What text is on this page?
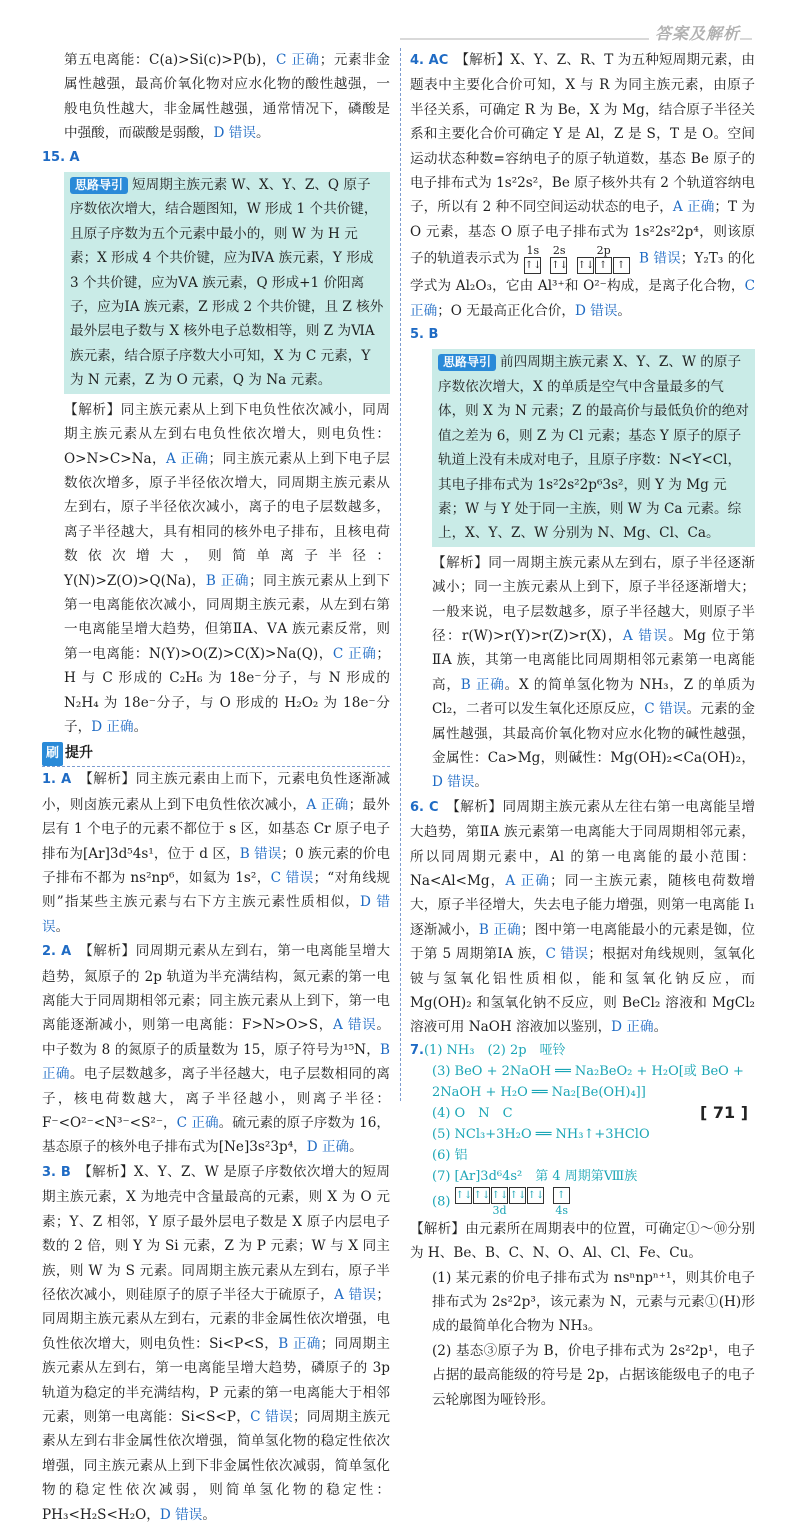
答案及解析

第五电离能：C(a)>Si(c)>P(b)，C 正确；元素非金属性越强，最高价氧化物对应水化物的酸性越强，一般电负性越大，非金属性越强，通常情况下，磷酸是中强酸，而碳酸是弱酸，D 错误。

15. A
思路导引 短周期主族元素 W、X、Y、Z、Q 原子序数依次增大，结合题图知，W 形成 1 个共价键，且原子序数为五个元素中最小的，则 W 为 H 元素；X 形成 4 个共价键，应为ⅣA 族元素，Y 形成 3 个共价键，应为ⅤA 族元素，Q 形成+1 价阳离子，应为ⅠA 族元素，Z 形成 2 个共价键，且 Z 核外最外层电子数与 X 核外电子总数相等，则 Z 为ⅥA 族元素，结合原子序数大小可知，X 为 C 元素，Y 为 N 元素，Z 为 O 元素，Q 为 Na 元素。

【解析】同主族元素从上到下电负性依次减小，同周期主族元素从左到右电负性依次增大，则电负性：O>N>C>Na，A 正确；同主族元素从上到下电子层数依次增多，原子半径依次增大，同周期主族元素从左到右，原子半径依次减小，离子的电子层数越多，离子半径越大，具有相同的核外电子排布，且核电荷数依次增大，则简单离子半径：Y(N)>Z(O)>Q(Na)，B 正确；同主族元素从上到下第一电离能依次减小，同周期主族元素，从左到右第一电离能呈增大趋势，但第ⅡA、ⅤA 族元素反常，则第一电离能：N(Y)>O(Z)>C(X)>Na(Q)，C 正确；H 与 C 形成的 C₂H₆ 为 18e⁻分子，与 N 形成的 N₂H₄ 为 18e⁻分子，与 O 形成的 H₂O₂ 为 18e⁻分子，D 正确。

刷 提升

1. A　 【解析】同主族元素由上而下，元素电负性逐渐减小，则卤族元素从上到下电负性依次减小，A 正确；最外层有 1 个电子的元素不都位于 s 区，如基态 Cr 原子电子排布为[Ar]3d⁵4s¹，位于 d 区，B 错误；0 族元素的价电子排布不都为 ns²np⁶，如氦为 1s²，C 错误；“对角线规则”指某些主族元素与右下方主族元素性质相似，D 错误。

2. A　 【解析】同周期元素从左到右，第一电离能呈增大趋势，氮原子的 2p 轨道为半充满结构，氮元素的第一电离能大于同周期相邻元素；同主族元素从上到下，第一电离能逐渐减小，则第一电离能：F>N>O>S，A 错误。中子数为 8 的氮原子的质量数为 15，原子符号为¹⁵N，B 正确。电子层数越多，离子半径越大，电子层数相同的离子，核电荷数越大，离子半径越小，则离子半径：F⁻<O²⁻<N³⁻<S²⁻，C 正确。硫元素的原子序数为 16，基态原子的核外电子排布式为[Ne]3s²3p⁴，D 正确。

3. B　 【解析】X、Y、Z、W 是原子序数依次增大的短周期主族元素，X 为地壳中含量最高的元素，则 X 为 O 元素；Y、Z 相邻，Y 原子最外层电子数是 X 原子内层电子数的 2 倍，则 Y 为 Si 元素，Z 为 P 元素；W 与 X 同主族，则 W 为 S 元素。同周期主族元素从左到右，原子半径依次减小，则硅原子的原子半径大于硫原子，A 错误；同周期主族元素从左到右，元素的非金属性依次增强，电负性依次增大，则电负性：Si<P<S，B 正确；同周期主族元素从左到右，第一电离能呈增大趋势，磷原子的 3p 轨道为稳定的半充满结构，P 元素的第一电离能大于相邻元素，则第一电离能：Si<S<P，C 错误；同周期主族元素从左到右非金属性依次增强，简单氢化物的稳定性依次增强，同主族元素从上到下非金属性依次减弱，简单氢化物的稳定性依次减弱，则简单氢化物的稳定性：PH₃<H₂S<H₂O，D 错误。

4. AC　 【解析】X、Y、Z、R、T 为五种短周期元素，由题表中主要化合价可知，X 与 R 为同主族元素，由原子半径关系，可确定 R 为 Be，X 为 Mg，结合原子半径关系和主要化合价可确定 Y 是 Al，Z 是 S，T 是 O。空间运动状态种数=容纳电子的原子轨道数，基态 Be 原子的电子排布式为 1s²2s²，Be 原子核外共有 2 个轨道容纳电子，所以有 2 种不同空间运动状态的电子，A 正确；T 为 O 元素，基态 O 原子电子排布式为 1s²2s²2p⁴，则该原子的轨道表示式为 1s
↑↓ 2s
↑↓ 2p
↑↓ ↑ ↑ B 错误；Y₂T₃ 的化学式为 Al₂O₃，它由 Al³⁺和 O²⁻构成，是离子化合物，C 正确；O 无最高正化合价，D 错误。

5. B
思路导引 前四周期主族元素 X、Y、Z、W 的原子序数依次增大，X 的单质是空气中含量最多的气体，则 X 为 N 元素；Z 的最高价与最低负价的绝对值之差为 6，则 Z 为 Cl 元素；基态 Y 原子的原子轨道上没有未成对电子，且原子序数：N<Y<Cl，其电子排布式为 1s²2s²2p⁶3s²，则 Y 为 Mg 元素；W 与 Y 处于同一主族，则 W 为 Ca 元素。综上，X、Y、Z、W 分别为 N、Mg、Cl、Ca。

【解析】同一周期主族元素从左到右，原子半径逐渐减小；同一主族元素从上到下，原子半径逐渐增大；一般来说，电子层数越多，原子半径越大，则原子半径：r(W)>r(Y)>r(Z)>r(X)，A 错误。Mg 位于第ⅡA 族，其第一电离能比同周期相邻元素第一电离能高，B 正确。X 的简单氢化物为 NH₃，Z 的单质为 Cl₂，二者可以发生氧化还原反应，C 错误。元素的金属性越强，其最高价氧化物对应水化物的碱性越强，金属性：Ca>Mg，则碱性：Mg(OH)₂<Ca(OH)₂，D 错误。

6. C　 【解析】同周期主族元素从左往右第一电离能呈增大趋势，第ⅡA 族元素第一电离能大于同周期相邻元素，所以同周期元素中，Al 的第一电离能的最小范围：Na<Al<Mg，A 正确；同一主族元素，随核电荷数增大，原子半径增大，失去电子能力增强，则第一电离能 I₁ 逐渐减小，B 正确；图中第一电离能最小的元素是铷，位于第 5 周期第ⅠA 族，C 错误；根据对角线规则，氢氧化铍与氢氧化铝性质相似，能和氢氧化钠反应，而 Mg(OH)₂ 和氢氧化钠不反应，则 BeCl₂ 溶液和 MgCl₂ 溶液可用 NaOH 溶液加以鉴别，D 正确。

7.(1) NH₃　(2) 2p　哑铃
(3) BeO + 2NaOH ══ Na₂BeO₂ + H₂O[或 BeO + 2NaOH + H₂O ══ Na₂[Be(OH)₄]]
(4) O　N　C
(5) NCl₃+3H₂O ══ NH₃↑+3HClO
(6) 铝
(7) [Ar]3d⁶4s²　第 4 周期第Ⅷ族
(8) ↑↓↑↓↑↓↑↓↑↓
3d ↑
4s

【解析】由元素所在周期表中的位置，可确定①～⑩分别为 H、Be、B、C、N、O、Al、Cl、Fe、Cu。

(1) 某元素的价电子排布式为 nsⁿnpⁿ⁺¹，则其价电子排布式为 2s²2p³，该元素为 N，元素与元素①(H)形成的最简单化合物为 NH₃。

(2) 基态③原子为 B，价电子排布式为 2s²2p¹，电子占据的最高能级的符号是 2p，占据该能级电子的电子云轮廓图为哑铃形。

[ 71 ]
